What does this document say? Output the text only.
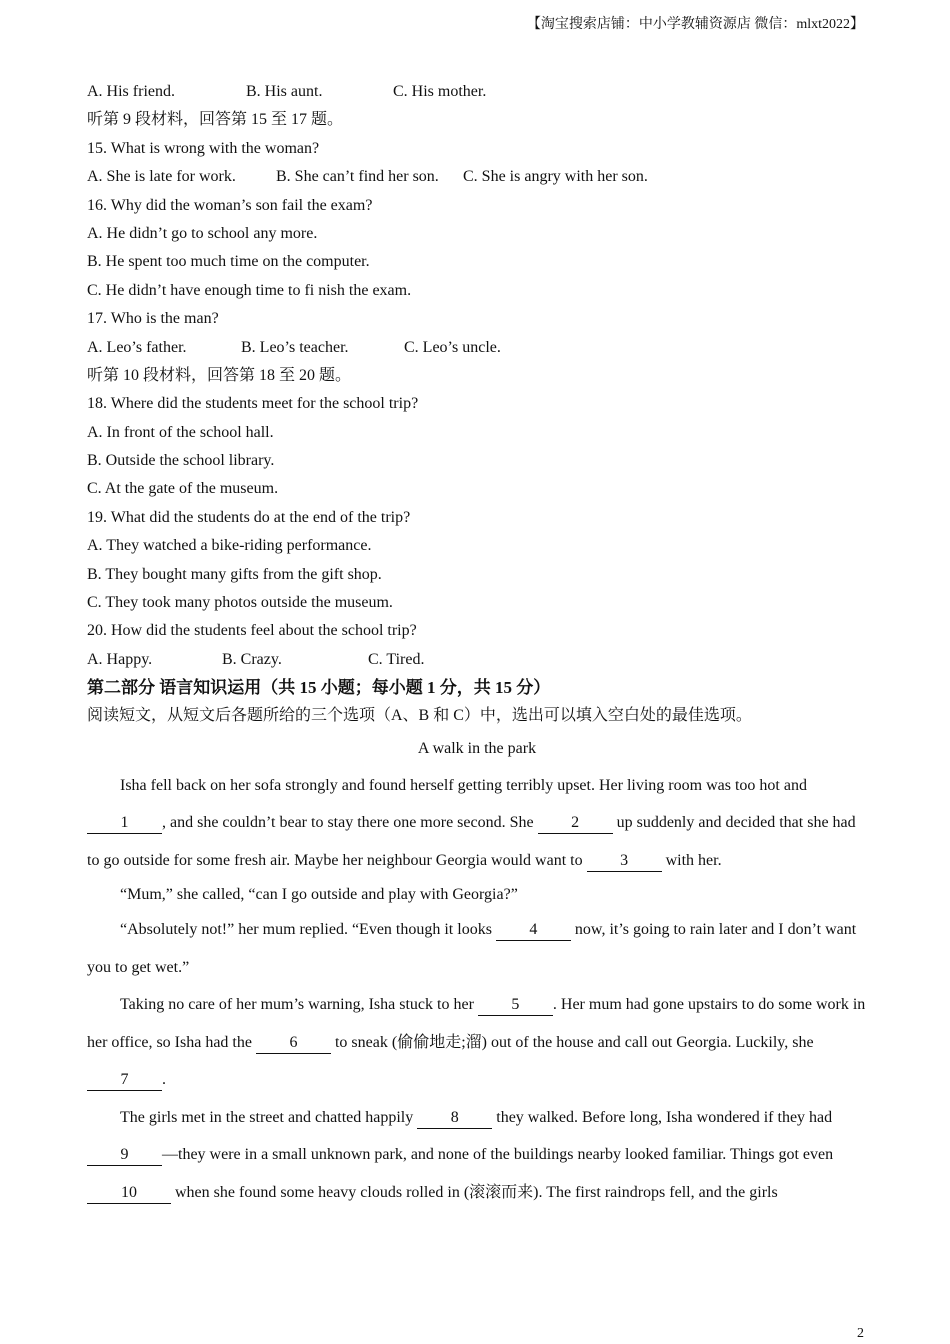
【淘宝搜索店铺：中小学教辅资源店 微信：mlxt2022】
A. His friend.	B. His aunt.	C. His mother.
听第 9 段材料，回答第 15 至 17 题。
15. What is wrong with the woman?
A. She is late for work.	B. She can’t find her son. C. She is angry with her son.
16. Why did the woman’s son fail the exam?
A. He didn’t go to school any more.
B. He spent too much time on the computer.
C. He didn’t have enough time to fi nish the exam.
17. Who is the man?
A. Leo’s father.	B. Leo’s teacher.	C. Leo’s uncle.
听第 10 段材料，回答第 18 至 20 题。
18. Where did the students meet for the school trip?
A. In front of the school hall.
B. Outside the school library.
C. At the gate of the museum.
19. What did the students do at the end of the trip?
A. They watched a bike-riding performance.
B. They bought many gifts from the gift shop.
C. They took many photos outside the museum.
20. How did the students feel about the school trip?
A. Happy.	B. Crazy.	C. Tired.
第二部分 语言知识运用（共 15 小题；每小题 1 分，共 15 分）
阅读短文，从短文后各题所给的三个选项（A、B 和 C）中，选出可以填入空白处的最佳选项。
A walk in the park

Isha fell back on her sofa strongly and found herself getting terribly upset. Her living room was too hot and 1 , and she couldn’t bear to stay there one more second. She 2 up suddenly and decided that she had to go outside for some fresh air. Maybe her neighbour Georgia would want to 3 with her.

“Mum,” she called, “can I go outside and play with Georgia?”

“Absolutely not!” her mum replied. “Even though it looks 4 now, it’s going to rain later and I don’t want you to get wet.”

Taking no care of her mum’s warning, Isha stuck to her 5 . Her mum had gone upstairs to do some work in her office, so Isha had the 6 to sneak (偷偷地走;溜) out of the house and call out Georgia. Luckily, she 7 .

The girls met in the street and chatted happily 8 they walked. Before long, Isha wondered if they had 9 —they were in a small unknown park, and none of the buildings nearby looked familiar. Things got even 10 when she found some heavy clouds rolled in (滚滚而来). The first raindrops fell, and the girls

2
